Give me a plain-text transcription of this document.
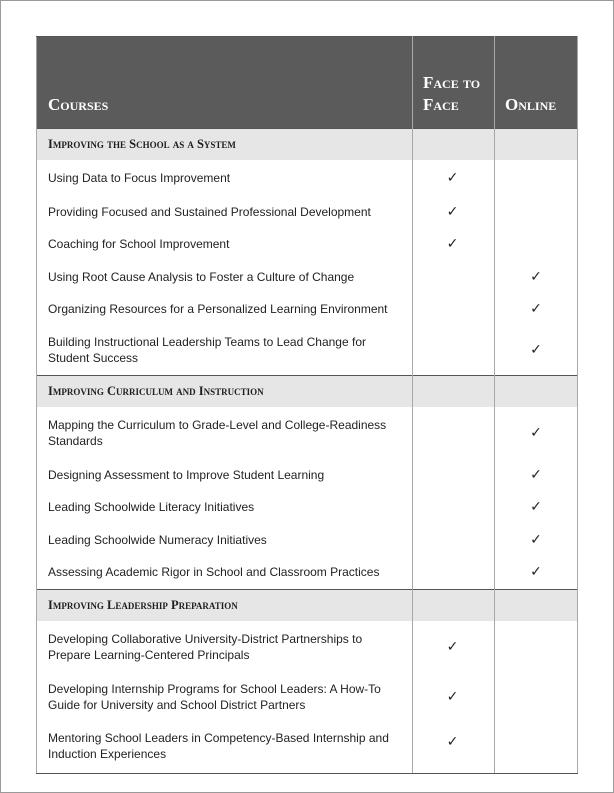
Courses	Face to Face	Online
Improving the School as a System		
Using Data to Focus Improvement	✓	
Providing Focused and Sustained Professional Development	✓	
Coaching for School Improvement	✓	
Using Root Cause Analysis to Foster a Culture of Change		✓
Organizing Resources for a Personalized Learning Environment		✓
Building Instructional Leadership Teams to Lead Change for Student Success		✓
Improving Curriculum and Instruction		
Mapping the Curriculum to Grade-Level and College-Readiness Standards		✓
Designing Assessment to Improve Student Learning		✓
Leading Schoolwide Literacy Initiatives		✓
Leading Schoolwide Numeracy Initiatives		✓
Assessing Academic Rigor in School and Classroom Practices		✓
Improving Leadership Preparation		
Developing Collaborative University-District Partnerships to Prepare Learning-Centered Principals	✓	
Developing Internship Programs for School Leaders: A How-To Guide for University and School District Partners	✓	
Mentoring School Leaders in Competency-Based Internship and Induction Experiences	✓	
